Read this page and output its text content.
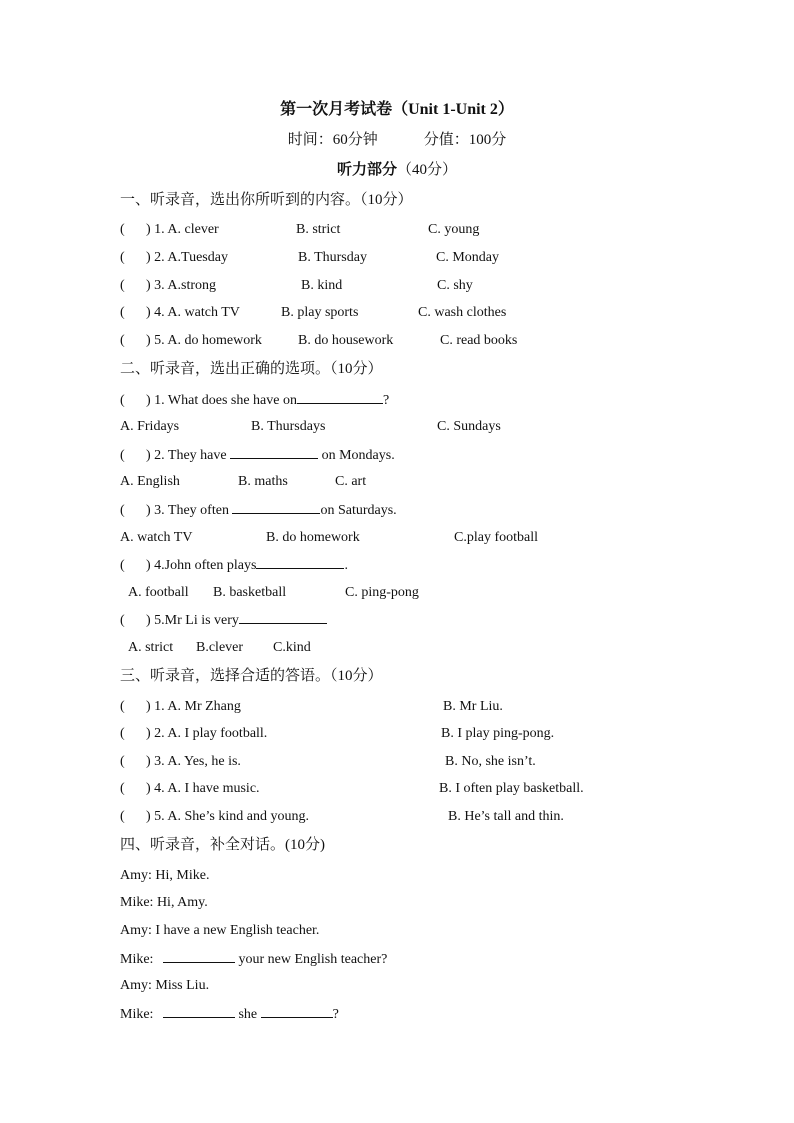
第一次月考试卷（Unit 1-Unit 2）
时间：60分钟	分值：100分
听力部分（40分）
一、听录音，选出你所听到的内容。（10分）
( ) 1. A. clever	B. strict	C. young
( ) 2. A.Tuesday	B. Thursday	C. Monday
( ) 3. A.strong	B. kind	C. shy
( ) 4. A. watch TV	B. play sports	C. wash clothes
( ) 5. A. do homework	B. do housework	C. read books
二、听录音，选出正确的选项。（10分）
( ) 1. What does she have on	?
A. Fridays	B. Thursdays	C. Sundays
( ) 2. They have	on Mondays.
A. English	B. maths	C. art
( ) 3. They often	on Saturdays.
A. watch TV	B. do homework	C.play football
( ) 4.John often plays	.
A. football B. basketball	C. ping-pong
( ) 5.Mr Li is very
A. strict B.clever C.kind
三、听录音，选择合适的答语。（10分）
( ) 1. A. Mr Zhang	B. Mr Liu.
( ) 2. A. I play football.	B. I play ping-pong.
( ) 3. A. Yes, he is.	B. No, she isn’t.
( ) 4. A. I have music.	B. I often play basketball.
( ) 5. A. She’s kind and young.	B. He’s tall and thin.
四、听录音，补全对话。(10分)
Amy: Hi, Mike.
Mike: Hi, Amy.
Amy: I have a new English teacher.
Mike:	your new English teacher?
Amy: Miss Liu.
Mike:	she	?
